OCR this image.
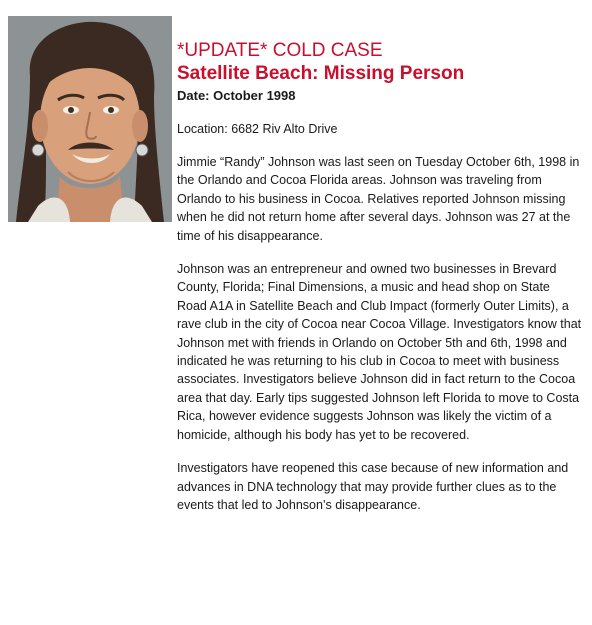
*UPDATE* COLD CASE
Satellite Beach: Missing Person
Date: October 1998
Location: 6682 Riv Alto Drive

Jimmie “Randy” Johnson was last seen on Tuesday October 6th, 1998 in the Orlando and Cocoa Florida areas. Johnson was traveling from Orlando to his business in Cocoa. Relatives reported Johnson missing when he did not return home after several days. Johnson was 27 at the time of his disappearance.

Johnson was an entrepreneur and owned two businesses in Brevard County, Florida; Final Dimensions, a music and head shop on State Road A1A in Satellite Beach and Club Impact (formerly Outer Limits), a rave club in the city of Cocoa near Cocoa Village. Investigators know that Johnson met with friends in Orlando on October 5th and 6th, 1998 and indicated he was returning to his club in Cocoa to meet with business associates. Investigators believe Johnson did in fact return to the Cocoa area that day. Early tips suggested Johnson left Florida to move to Costa Rica, however evidence suggests Johnson was likely the victim of a homicide, although his body has yet to be recovered.

Investigators have reopened this case because of new information and advances in DNA technology that may provide further clues as to the events that led to Johnson’s disappearance.
